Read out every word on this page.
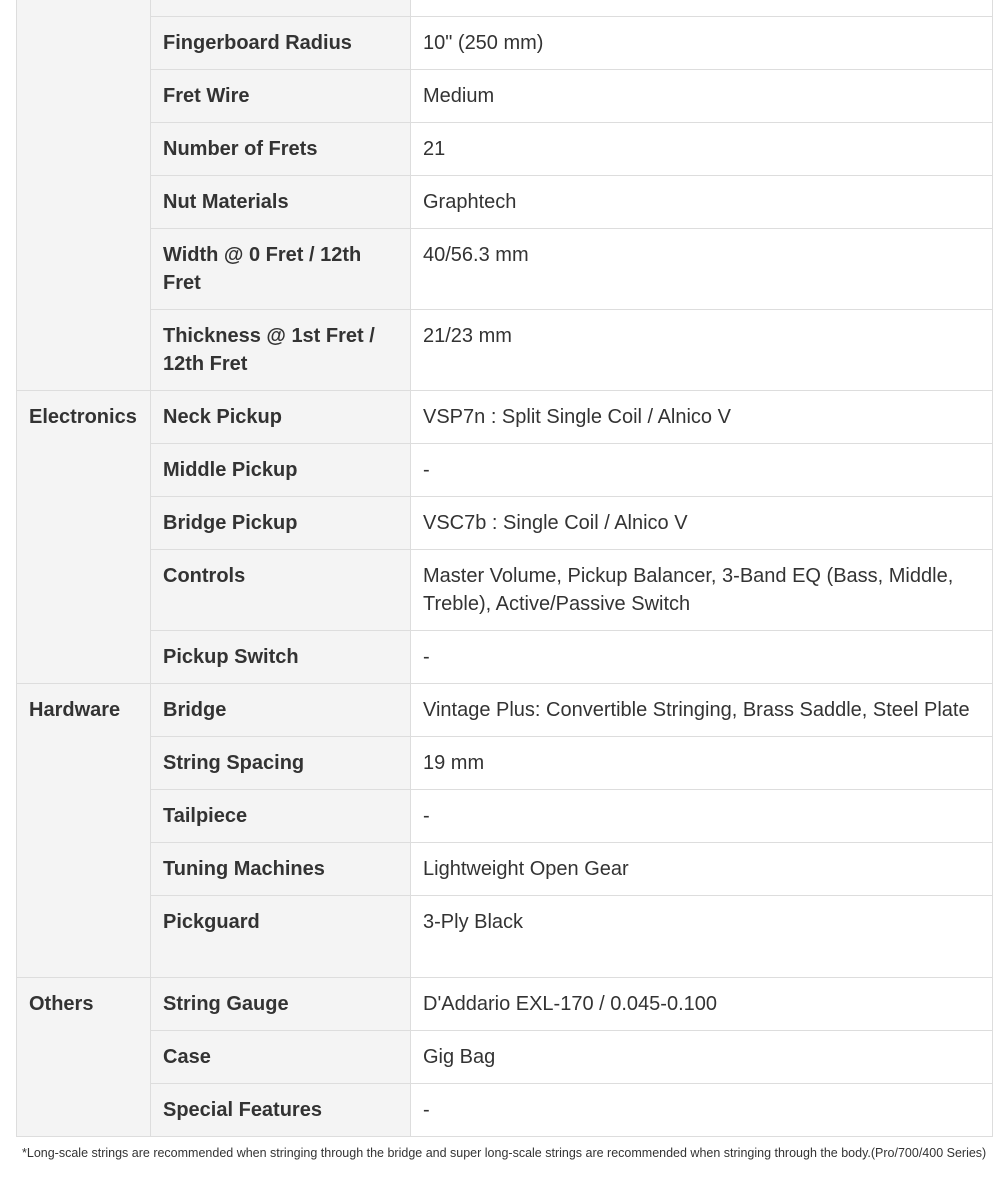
	Fingerboard Radius	10" (250 mm)
	Fret Wire	Medium
	Number of Frets	21
	Nut Materials	Graphtech
	Width @ 0 Fret / 12th Fret	40/56.3 mm
	Thickness @ 1st Fret / 12th Fret	21/23 mm
Electronics	Neck Pickup	VSP7n : Split Single Coil / Alnico V
	Middle Pickup	-
	Bridge Pickup	VSC7b : Single Coil / Alnico V
	Controls	Master Volume, Pickup Balancer, 3-Band EQ (Bass, Middle, Treble), Active/Passive Switch
	Pickup Switch	-
Hardware	Bridge	Vintage Plus: Convertible Stringing, Brass Saddle, Steel Plate
	String Spacing	19 mm
	Tailpiece	-
	Tuning Machines	Lightweight Open Gear
	Pickguard	3-Ply Black
Others	String Gauge	D'Addario EXL-170 / 0.045-0.100
	Case	Gig Bag
	Special Features	-
*Long-scale strings are recommended when stringing through the bridge and super long-scale strings are recommended when stringing through the body.(Pro/700/400 Series)
